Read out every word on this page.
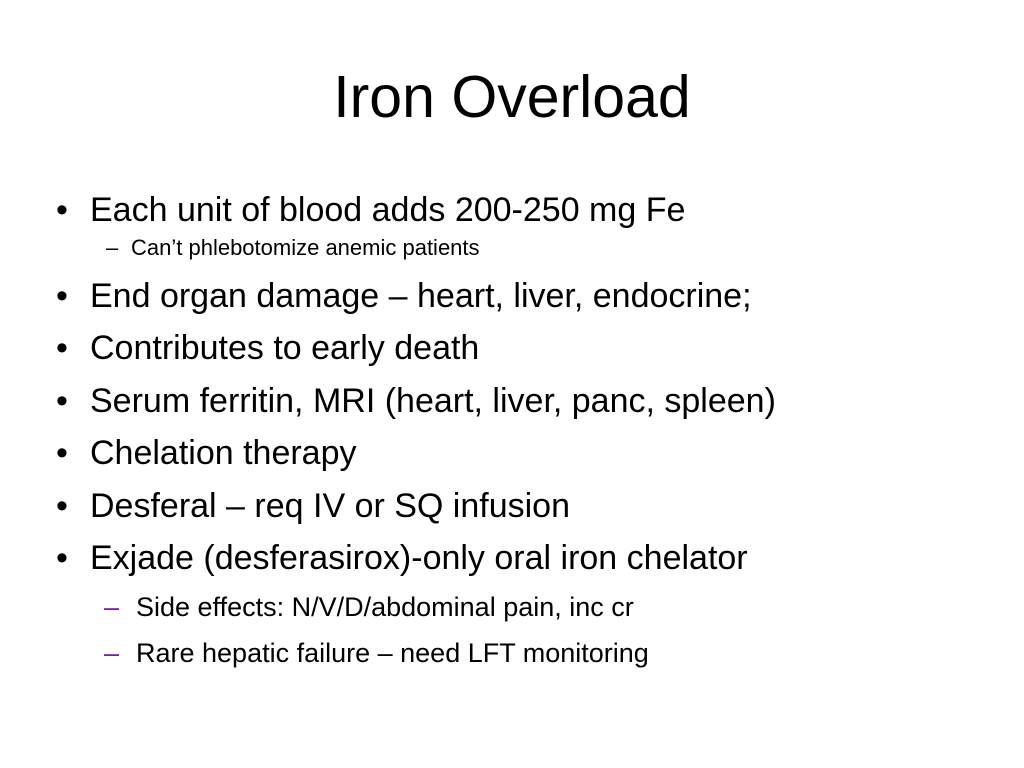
Iron Overload
• Each unit of blood adds 200-250 mg Fe
– Can’t phlebotomize anemic patients
• End organ damage – heart, liver, endocrine;
• Contributes to early death
• Serum ferritin, MRI (heart, liver, panc, spleen)
• Chelation therapy
• Desferal – req IV or SQ infusion
• Exjade (desferasirox)-only oral iron chelator
– Side effects: N/V/D/abdominal pain, inc cr
– Rare hepatic failure – need LFT monitoring
